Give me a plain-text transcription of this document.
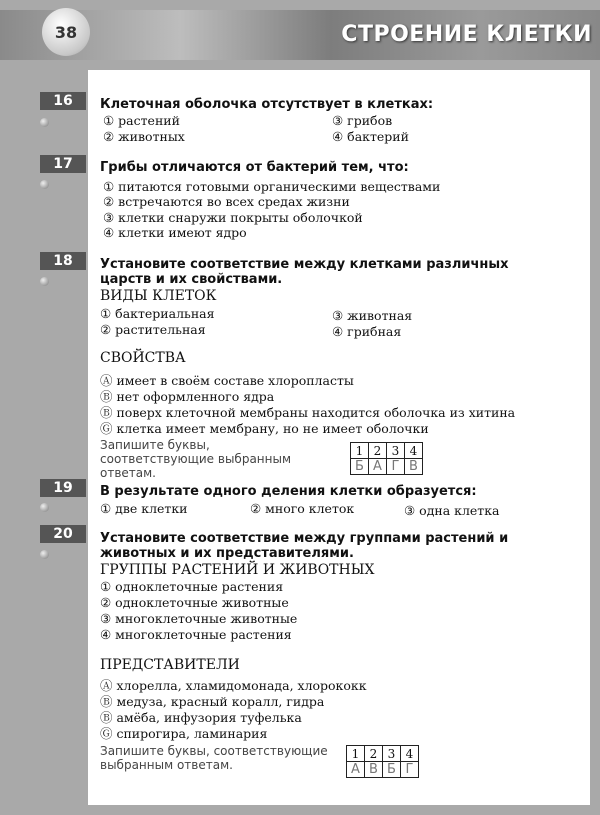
38	СТРОЕНИЕ КЛЕТКИ
16	Клеточная оболочка отсутствует в клетках:
① растений
② животных
③ грибов
④ бактерий
17	Грибы отличаются от бактерий тем, что:
① питаются готовыми органическими веществами
② встречаются во всех средах жизни
③ клетки снаружи покрыты оболочкой
④ клетки имеют ядро
18	Установите соответствие между клетками различных царств и их свойствами.
ВИДЫ КЛЕТОК
① бактериальная
② растительная
③ животная
④ грибная
СВОЙСТВА
Ⓐ имеет в своём составе хлоропласты
Ⓑ нет оформленного ядра
Ⓑ поверх клеточной мембраны находится оболочка из хитина
Ⓖ клетка имеет мембрану, но не имеет оболочки
Запишите буквы, соответствующие выбранным ответам.
1	2	3	4
Б	А	Г	В
19	В результате одного деления клетки образуется:
① две клетки	② много клеток	③ одна клетка
20	Установите соответствие между группами растений и животных и их представителями.
ГРУППЫ РАСТЕНИЙ И ЖИВОТНЫХ
① одноклеточные растения
② одноклеточные животные
③ многоклеточные животные
④ многоклеточные растения
ПРЕДСТАВИТЕЛИ
Ⓐ хлорелла, хламидомонада, хлорококк
Ⓑ медуза, красный коралл, гидра
Ⓑ амёба, инфузория туфелька
Ⓖ спирогира, ламинария
Запишите буквы, соответствующие выбранным ответам.
1	2	3	4
А	В	Б	Г
